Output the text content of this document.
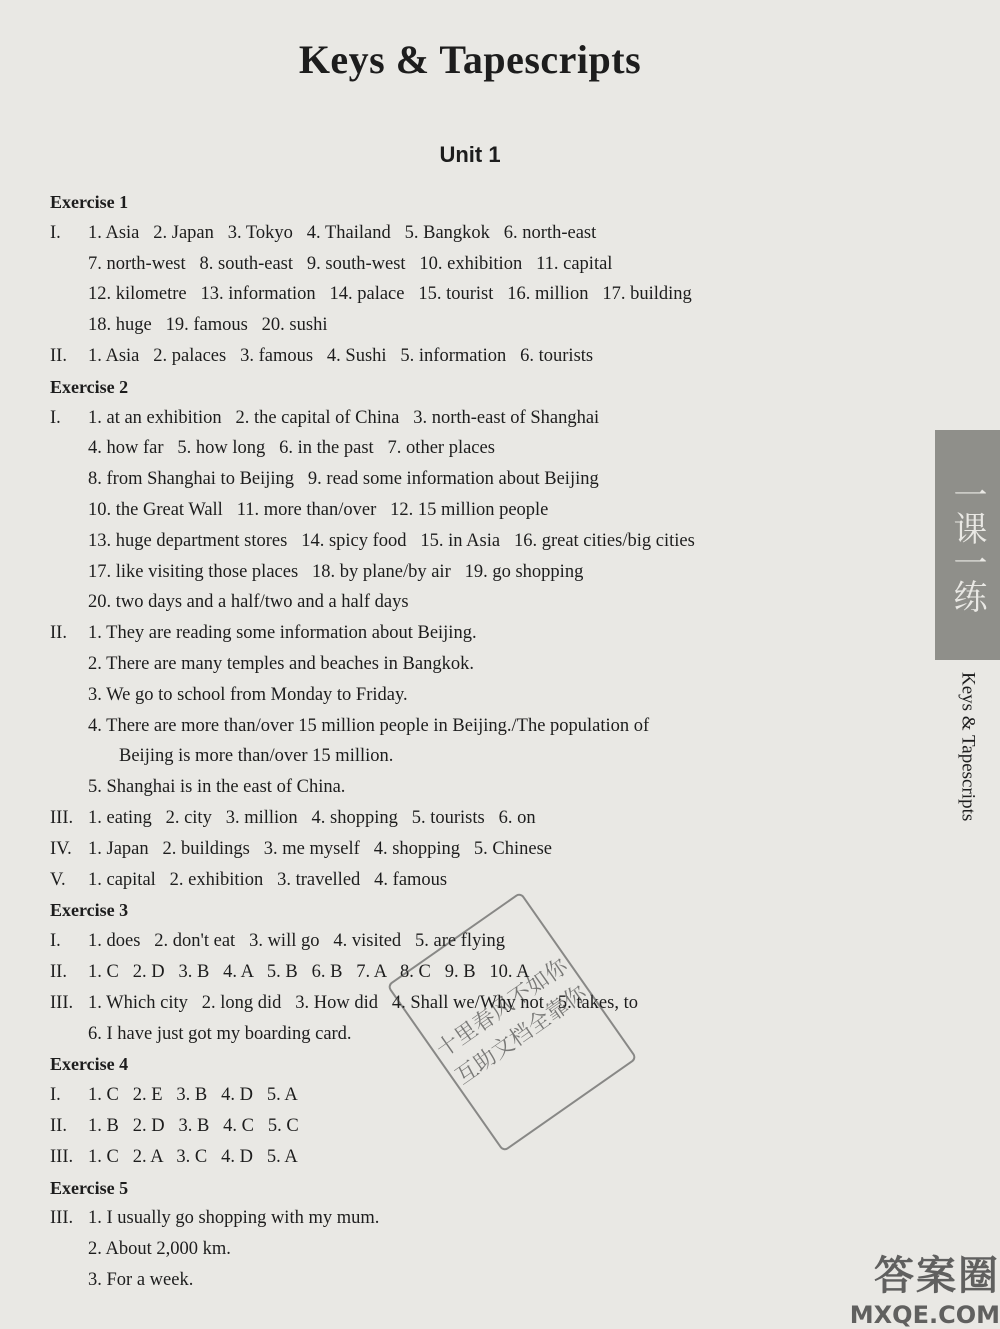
Keys & Tapescripts
Unit 1
Exercise 1
I. 1. Asia   2. Japan   3. Tokyo   4. Thailand   5. Bangkok   6. north-east
7. north-west   8. south-east   9. south-west   10. exhibition   11. capital
12. kilometre   13. information   14. palace   15. tourist   16. million   17. building
18. huge   19. famous   20. sushi
II. 1. Asia   2. palaces   3. famous   4. Sushi   5. information   6. tourists
Exercise 2
I. 1. at an exhibition   2. the capital of China   3. north-east of Shanghai
4. how far   5. how long   6. in the past   7. other places
8. from Shanghai to Beijing   9. read some information about Beijing
10. the Great Wall   11. more than/over   12. 15 million people
13. huge department stores   14. spicy food   15. in Asia   16. great cities/big cities
17. like visiting those places   18. by plane/by air   19. go shopping
20. two days and a half/two and a half days
II. 1. They are reading some information about Beijing.
2. There are many temples and beaches in Bangkok.
3. We go to school from Monday to Friday.
4. There are more than/over 15 million people in Beijing./The population of
Beijing is more than/over 15 million.
5. Shanghai is in the east of China.
III. 1. eating   2. city   3. million   4. shopping   5. tourists   6. on
IV. 1. Japan   2. buildings   3. me myself   4. shopping   5. Chinese
V. 1. capital   2. exhibition   3. travelled   4. famous
Exercise 3
I. 1. does   2. don't eat   3. will go   4. visited   5. are flying
II. 1. C   2. D   3. B   4. A   5. B   6. B   7. A   8. C   9. B   10. A
III. 1. Which city   2. long did   3. How did   4. Shall we/Why not   5. takes, to
6. I have just got my boarding card.
Exercise 4
I. 1. C   2. E   3. B   4. D   5. A
II. 1. B   2. D   3. B   4. C   5. C
III. 1. C   2. A   3. C   4. D   5. A
Exercise 5
III. 1. I usually go shopping with my mum.
2. About 2,000 km.
3. For a week.
一课一练
Keys & Tapescripts
十里春风不如你 互助文档全靠你
答案圈
MXQE.COM
